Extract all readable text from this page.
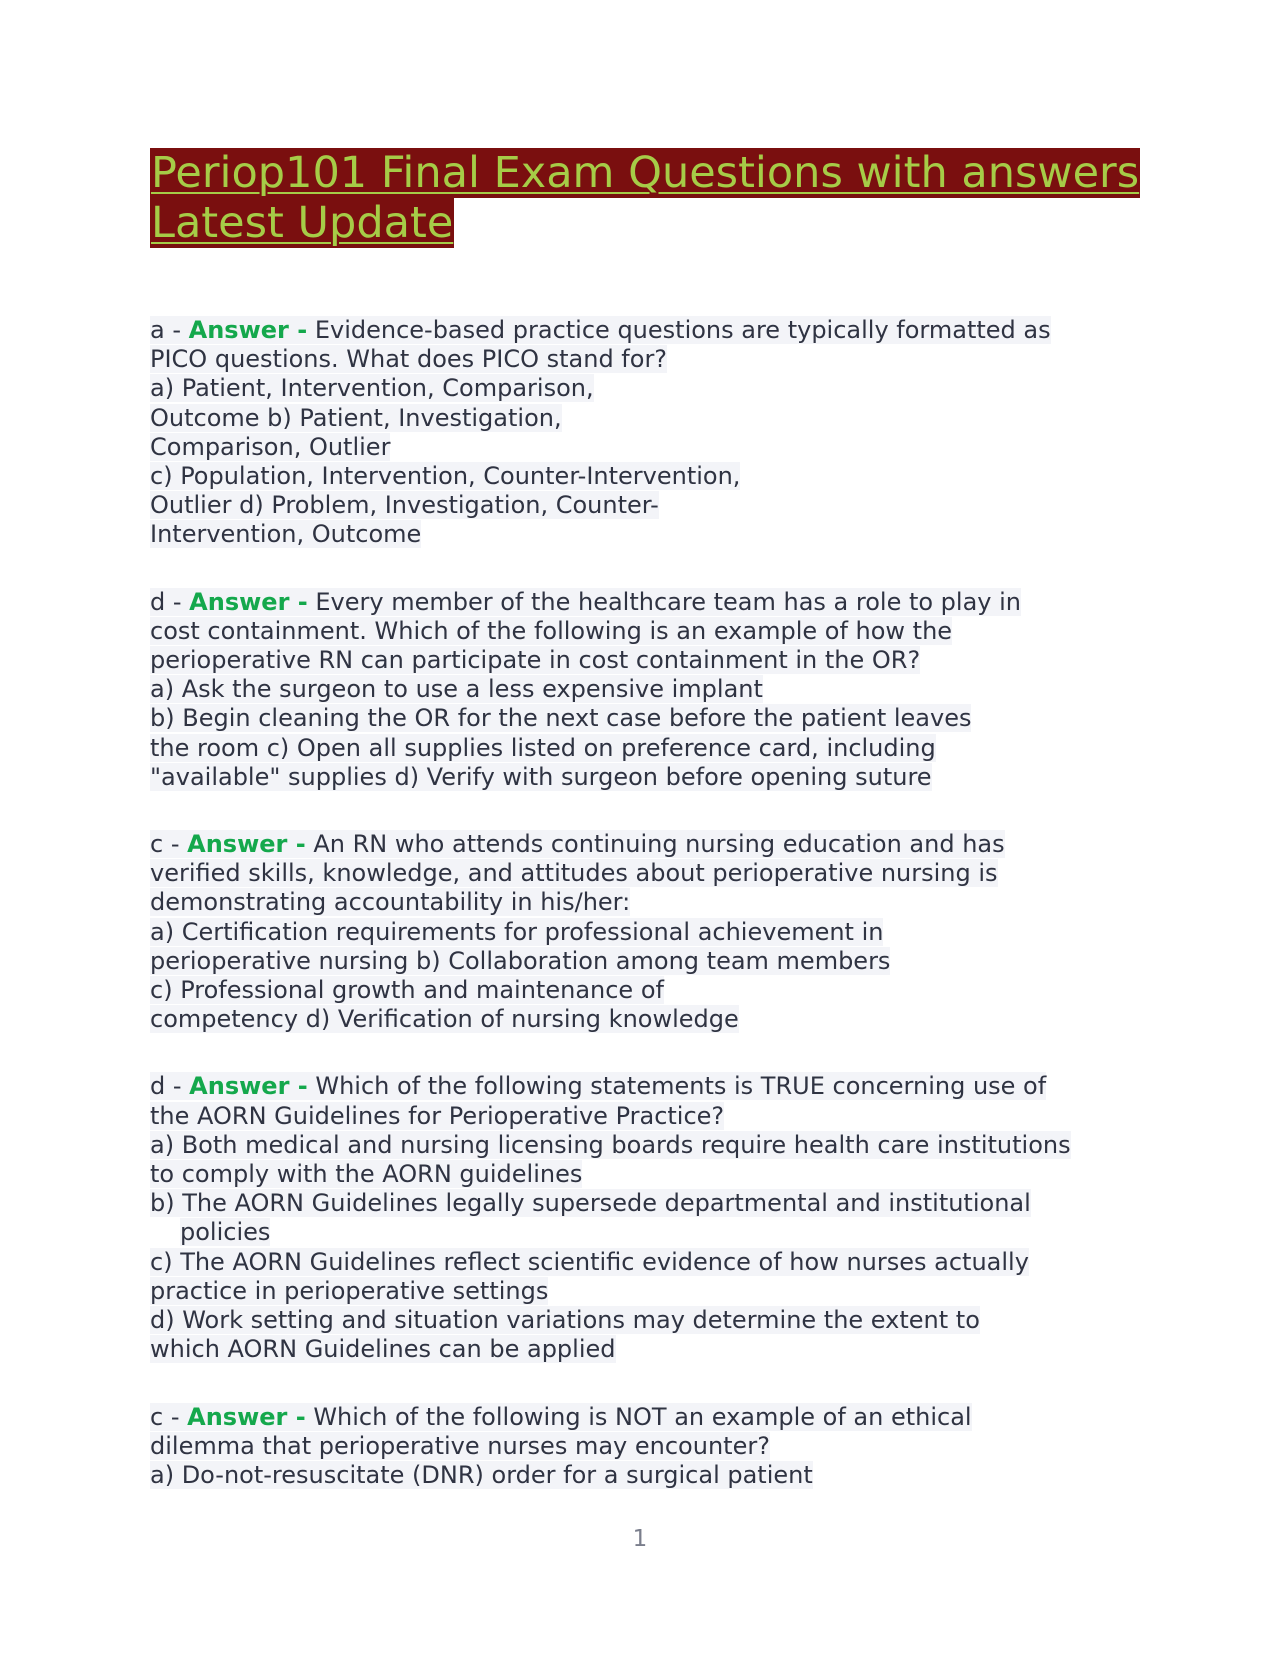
Periop101 Final Exam Questions with answers
Latest Update
a - Answer - Evidence-based practice questions are typically formatted as
PICO questions. What does PICO stand for?
a) Patient, Intervention, Comparison,
Outcome b) Patient, Investigation,
Comparison, Outlier
c) Population, Intervention, Counter-Intervention,
Outlier d) Problem, Investigation, Counter-
Intervention, Outcome
d - Answer - Every member of the healthcare team has a role to play in
cost containment. Which of the following is an example of how the
perioperative RN can participate in cost containment in the OR?
a) Ask the surgeon to use a less expensive implant
b) Begin cleaning the OR for the next case before the patient leaves
the room c) Open all supplies listed on preference card, including
"available" supplies d) Verify with surgeon before opening suture
c - Answer - An RN who attends continuing nursing education and has
verified skills, knowledge, and attitudes about perioperative nursing is
demonstrating accountability in his/her:
a) Certification requirements for professional achievement in
perioperative nursing b) Collaboration among team members
c) Professional growth and maintenance of
competency d) Verification of nursing knowledge
d - Answer - Which of the following statements is TRUE concerning use of
the AORN Guidelines for Perioperative Practice?
a) Both medical and nursing licensing boards require health care institutions
to comply with the AORN guidelines
b) The AORN Guidelines legally supersede departmental and institutional
policies
c) The AORN Guidelines reflect scientific evidence of how nurses actually
practice in perioperative settings
d) Work setting and situation variations may determine the extent to
which AORN Guidelines can be applied
c - Answer - Which of the following is NOT an example of an ethical
dilemma that perioperative nurses may encounter?
a) Do-not-resuscitate (DNR) order for a surgical patient
1
